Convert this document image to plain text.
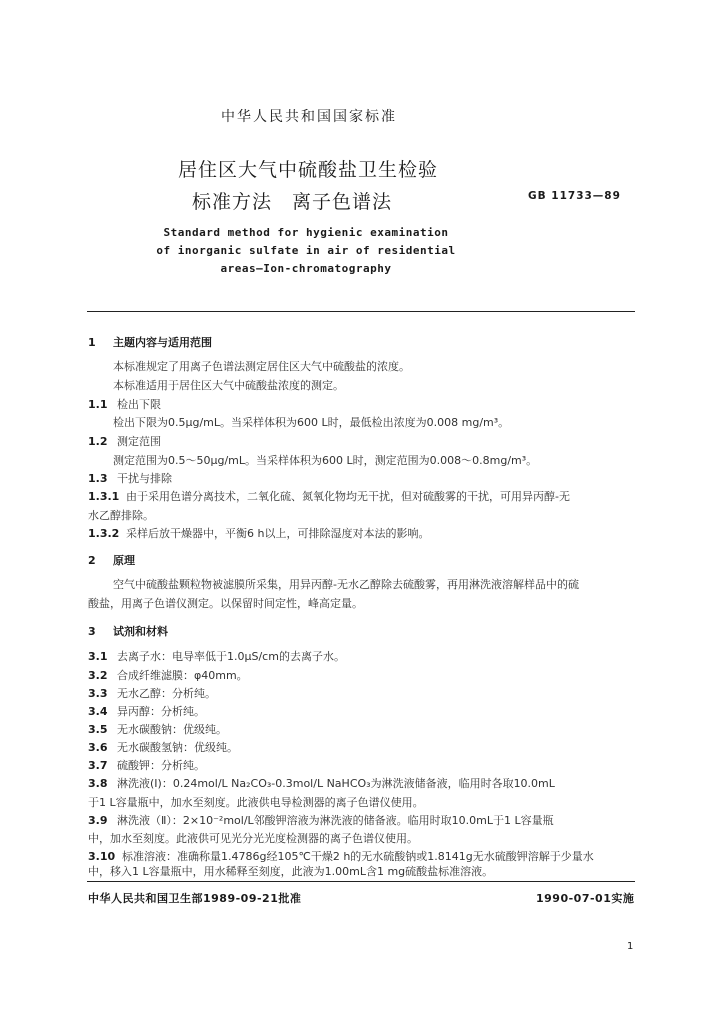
中华人民共和国国家标准
居住区大气中硫酸盐卫生检验
标准方法　离子色谱法	GB 11733—89
Standard method for hygienic examination
of inorganic sulfate in air of residential
areas—Ion-chromatography
1 主题内容与适用范围
本标准规定了用离子色谱法测定居住区大气中硫酸盐的浓度。
本标准适用于居住区大气中硫酸盐浓度的测定。
1.1 检出下限
检出下限为0.5μg/mL。当采样体积为600 L时，最低检出浓度为0.008 mg/m³。
1.2 测定范围
测定范围为0.5～50μg/mL。当采样体积为600 L时，测定范围为0.008～0.8mg/m³。
1.3 干扰与排除
1.3.1 由于采用色谱分离技术，二氧化硫、氮氧化物均无干扰，但对硫酸雾的干扰，可用异丙醇-无
水乙醇排除。
1.3.2 采样后放干燥器中，平衡6 h以上，可排除湿度对本法的影响。
2 原理
空气中硫酸盐颗粒物被滤膜所采集，用异丙醇-无水乙醇除去硫酸雾，再用淋洗液溶解样品中的硫
酸盐，用离子色谱仪测定。以保留时间定性，峰高定量。
3 试剂和材料
3.1 去离子水：电导率低于1.0μS/cm的去离子水。
3.2 合成纤维滤膜：φ40mm。
3.3 无水乙醇：分析纯。
3.4 异丙醇：分析纯。
3.5 无水碳酸钠：优级纯。
3.6 无水碳酸氢钠：优级纯。
3.7 硫酸钾：分析纯。
3.8 淋洗液(Ⅰ)：0.24mol/L Na₂CO₃-0.3mol/L NaHCO₃为淋洗液储备液，临用时各取10.0mL
于1 L容量瓶中，加水至刻度。此液供电导检测器的离子色谱仪使用。
3.9 淋洗液（Ⅱ）：2×10⁻²mol/L邻酸钾溶液为淋洗液的储备液。临用时取10.0mL于1 L容量瓶
中，加水至刻度。此液供可见光分光光度检测器的离子色谱仪使用。
3.10 标准溶液：准确称量1.4786g经105℃干燥2 h的无水硫酸钠或1.8141g无水硫酸钾溶解于少量水
中，移入1 L容量瓶中，用水稀释至刻度，此液为1.00mL含1 mg硫酸盐标准溶液。
中华人民共和国卫生部1989-09-21批准	1990-07-01实施
1
